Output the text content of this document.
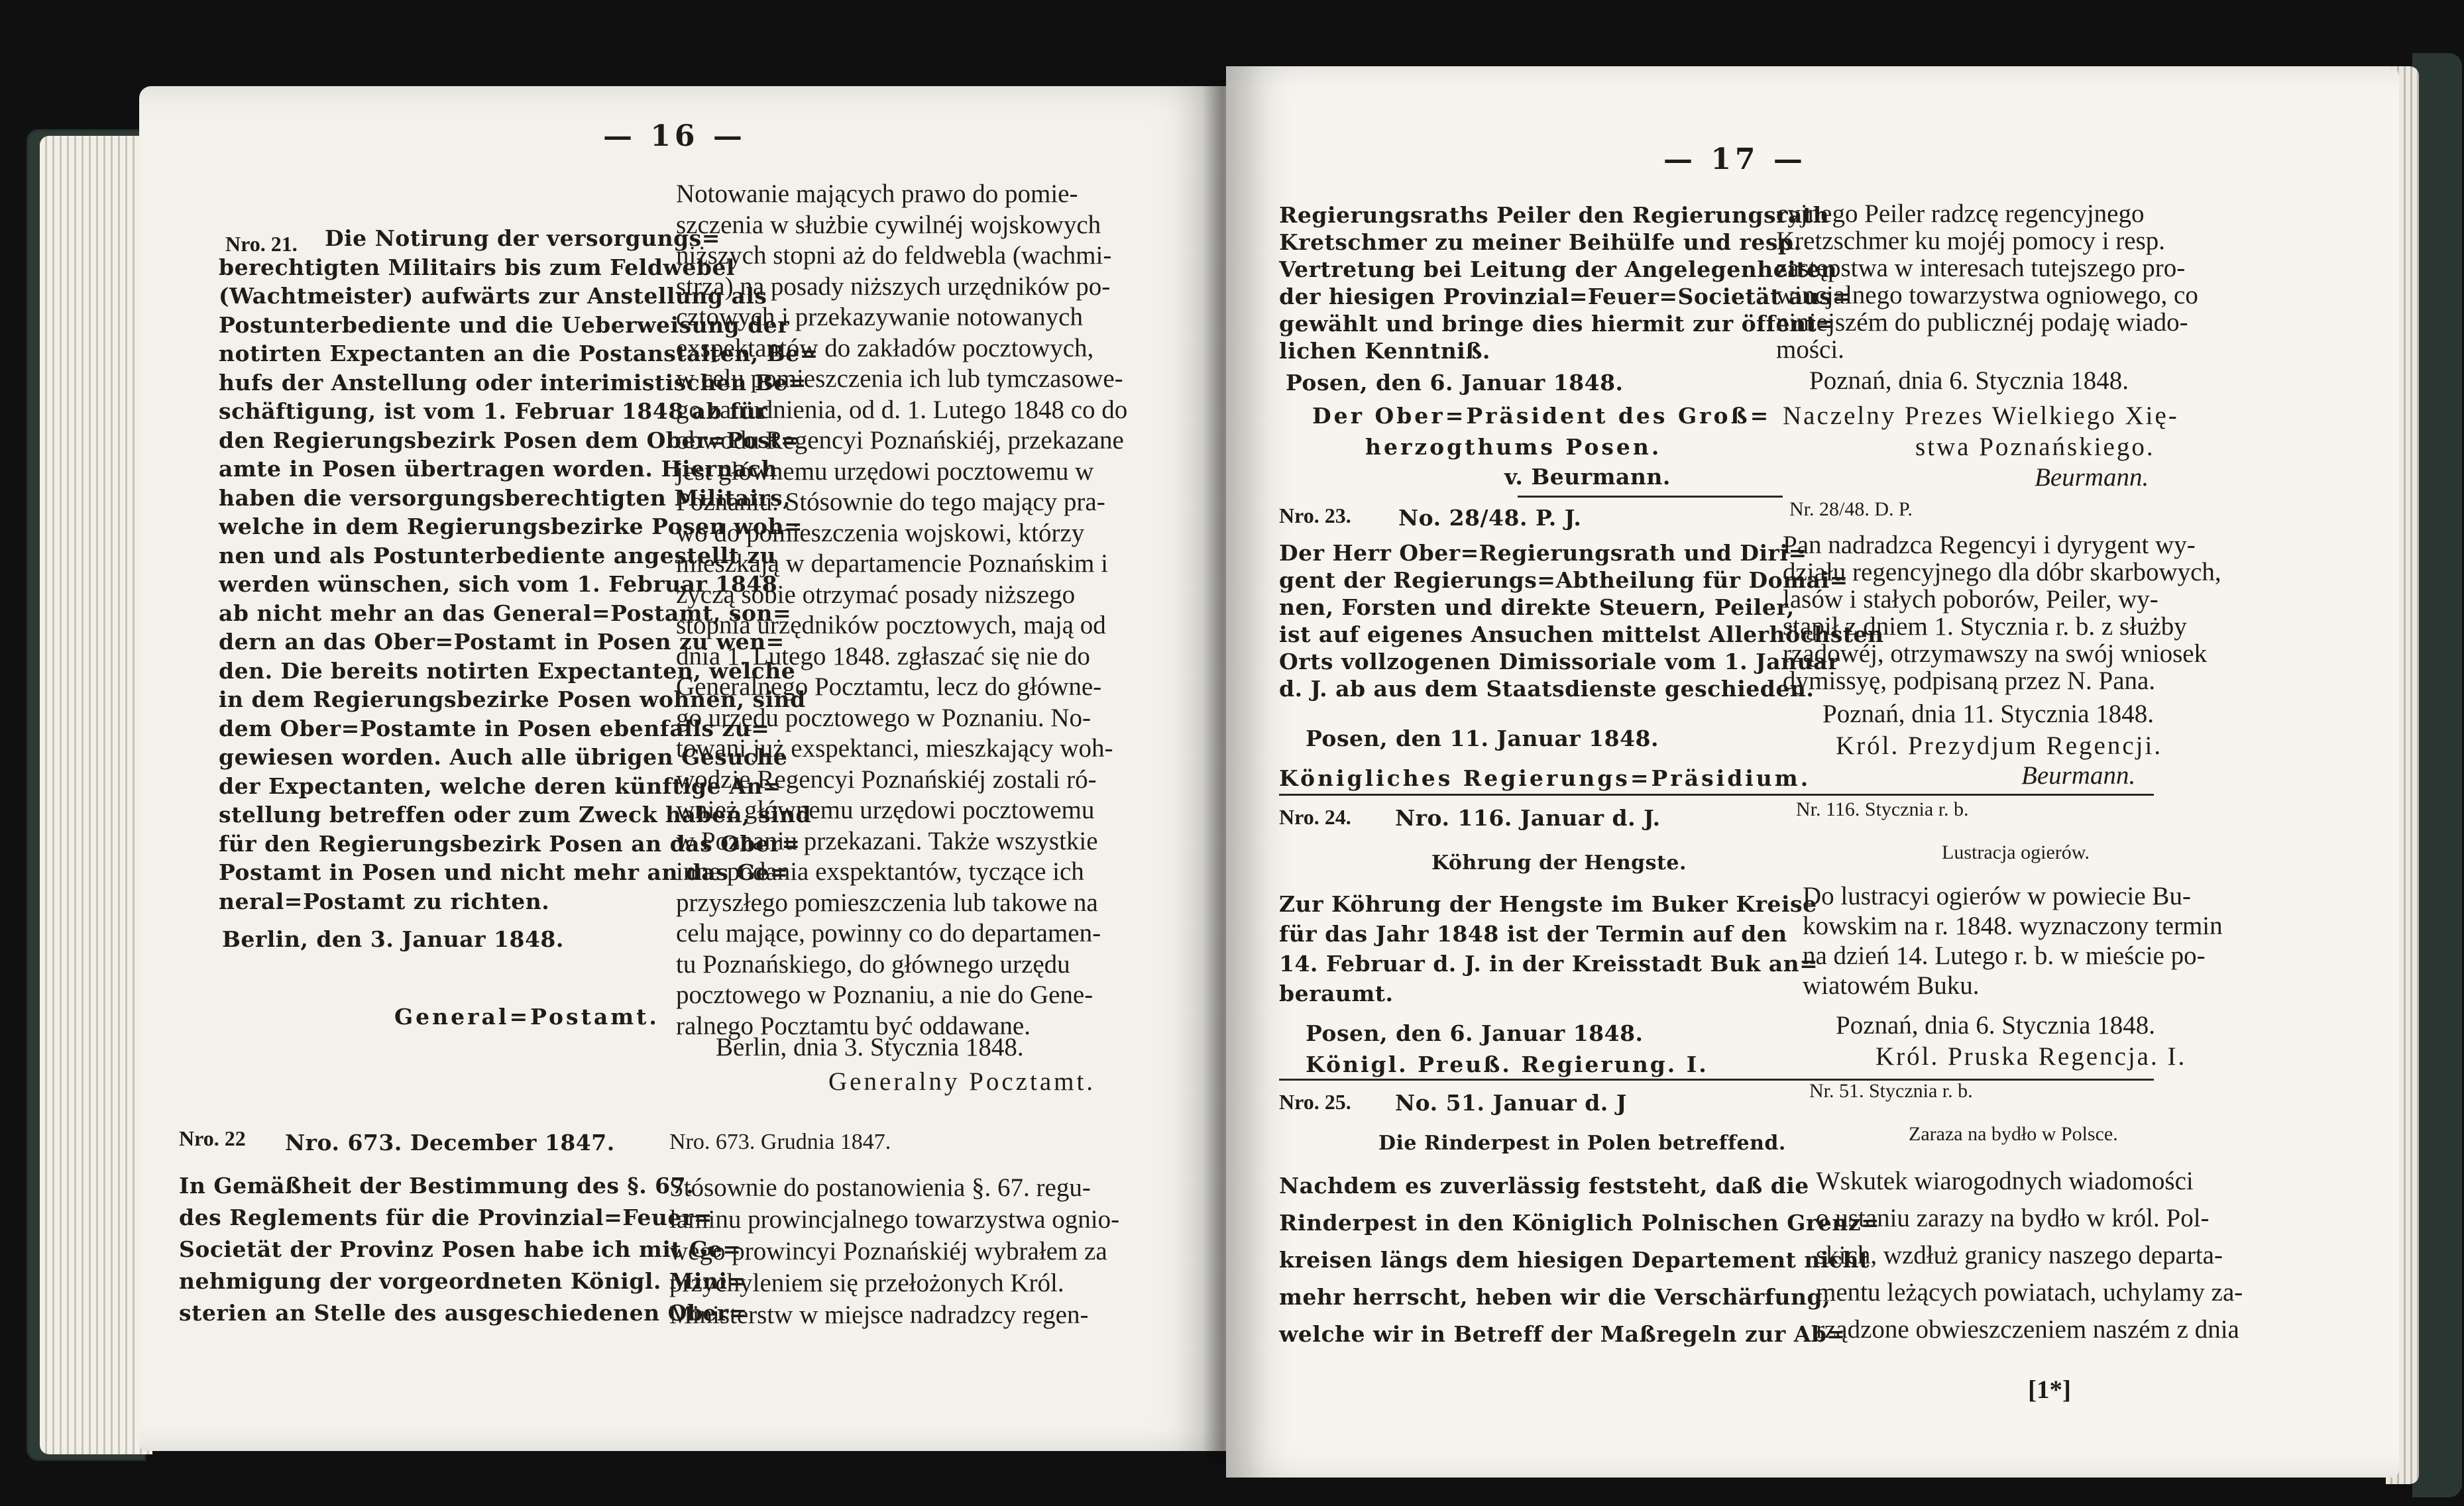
— 16 —
Nro. 21. Die Notirung der versorgungs=
berechtigten Militairs bis zum Feldwebel
(Wachtmeister) aufwärts zur Anstellung als
Postunterbediente und die Ueberweisung der
notirten Expectanten an die Postanstalten, Be=
hufs der Anstellung oder interimistischen Be=
schäftigung, ist vom 1. Februar 1848 ab für
den Regierungsbezirk Posen dem Ober=Post=
amte in Posen übertragen worden. Hiernach
haben die versorgungsberechtigten Militairs,
welche in dem Regierungsbezirke Posen woh=
nen und als Postunterbediente angestellt zu
werden wünschen, sich vom 1. Februar 1848
ab nicht mehr an das General=Postamt, son=
dern an das Ober=Postamt in Posen zu wen=
den. Die bereits notirten Expectanten, welche
in dem Regierungsbezirke Posen wohnen, sind
dem Ober=Postamte in Posen ebenfalls zu=
gewiesen worden. Auch alle übrigen Gesuche
der Expectanten, welche deren künftige An=
stellung betreffen oder zum Zweck haben, sind
für den Regierungsbezirk Posen an das Ober=
Postamt in Posen und nicht mehr an das Ge=
neral=Postamt zu richten.
Berlin, den 3. Januar 1848.
General=Postamt.
Notowanie mających prawo do pomie-
szczenia w służbie cywilnéj wojskowych
niższych stopni aż do feldwebla (wachmi-
strza) na posady niższych urzędników po-
cztowych i przekazywanie notowanych
exspektantów do zakładów pocztowych,
w celu pomieszczenia ich lub tymczasowe-
go zatrudnienia, od d. 1. Lutego 1848 co do
obwodu Regencyi Poznańskiéj, przekazane
jest głównemu urzędowi pocztowemu w
Poznaniu. Stósownie do tego mający pra-
wo do pomieszczenia wojskowi, którzy
mieszkają w departamencie Poznańskim i
życzą sobie otrzymać posady niższego
stopnia urzędników pocztowych, mają od
dnia 1. Lutego 1848. zgłaszać się nie do
Generalnego Pocztamtu, lecz do główne-
go urzędu pocztowego w Poznaniu. No-
towani już exspektanci, mieszkający woh-
wodzie Regencyi Poznańskiéj zostali ró-
wnież głównemu urzędowi pocztowemu
w Poznaniu przekazani. Także wszystkie
inne podania exspektantów, tyczące ich
przyszłego pomieszczenia lub takowe na
celu mające, powinny co do departamen-
tu Poznańskiego, do głównego urzędu
pocztowego w Poznaniu, a nie do Gene-
ralnego Pocztamtu być oddawane.
Berlin, dnia 3. Stycznia 1848.
Generalny Pocztamt.
Nro. 22 Nro. 673. December 1847. Nro. 673. Grudnia 1847.
In Gemäßheit der Bestimmung des §. 67.
des Reglements für die Provinzial=Feuer=
Societät der Provinz Posen habe ich mit Ge=
nehmigung der vorgeordneten Königl. Mini=
sterien an Stelle des ausgeschiedenen Ober=
Stósownie do postanowienia §. 67. regu-
laminu prowincjalnego towarzystwa ognio-
wego prowincyi Poznańskiéj wybrałem za
przychyleniem się przełożonych Król.
Ministerstw w miejsce nadradzcy regen-
— 17 —
Regierungsraths Peiler den Regierungsrath
Kretschmer zu meiner Beihülfe und resp.
Vertretung bei Leitung der Angelegenheiten
der hiesigen Provinzial=Feuer=Societät aus=
gewählt und bringe dies hiermit zur öffent=
lichen Kenntniß.
Posen, den 6. Januar 1848.
Der Ober=Präsident des Groß=
herzogthums Posen.
v. Beurmann.
cyjnego Peiler radzcę regencyjnego
Kretzschmer ku mojéj pomocy i resp.
zastępstwa w interesach tutejszego pro-
wincjalnego towarzystwa ogniowego, co
niniejszém do publicznéj podaję wiado-
mości.
Poznań, dnia 6. Stycznia 1848.
Naczelny Prezes Wielkiego Xię-
stwa Poznańskiego.
Beurmann.
Nro. 23. No. 28/48. P. J.	Nr. 28/48. D. P.
Der Herr Ober=Regierungsrath und Diri=
gent der Regierungs=Abtheilung für Domai=
nen, Forsten und direkte Steuern, Peiler,
ist auf eigenes Ansuchen mittelst Allerhöchsten
Orts vollzogenen Dimissoriale vom 1. Januar
d. J. ab aus dem Staatsdienste geschieden.
Posen, den 11. Januar 1848.
Königliches Regierungs=Präsidium.
Pan nadradzca Regencyi i dyrygent wy-
działu regencyjnego dla dóbr skarbowych,
lasów i stałych poborów, Peiler, wy-
stąpił z dniem 1. Stycznia r. b. z służby
rządowéj, otrzymawszy na swój wniosek
dymissyę, podpisaną przez N. Pana.
Poznań, dnia 11. Stycznia 1848.
Król. Prezydjum Regencji.
Beurmann.
Nro. 24. Nro. 116. Januar d. J.	Nr. 116. Stycznia r. b.
Köhrung der Hengste.	Lustracja ogierów.
Zur Köhrung der Hengste im Buker Kreise
für das Jahr 1848 ist der Termin auf den
14. Februar d. J. in der Kreisstadt Buk an=
beraumt.
Posen, den 6. Januar 1848.
Königl. Preuß. Regierung. I.
Do lustracyi ogierów w powiecie Bu-
kowskim na r. 1848. wyznaczony termin
na dzień 14. Lutego r. b. w mieście po-
wiatowém Buku.
Poznań, dnia 6. Stycznia 1848.
Król. Pruska Regencja. I.
Nro. 25. No. 51. Januar d. J	Nr. 51. Stycznia r. b.
Die Rinderpest in Polen betreffend.	Zaraza na bydło w Polsce.
Nachdem es zuverlässig feststeht, daß die
Rinderpest in den Königlich Polnischen Grenz=
kreisen längs dem hiesigen Departement nicht
mehr herrscht, heben wir die Verschärfung,
welche wir in Betreff der Maßregeln zur Ab=
Wskutek wiarogodnych wiadomości
o ustaniu zarazy na bydło w król. Pol-
skich, wzdłuż granicy naszego departa-
mentu leżących powiatach, uchylamy za-
rządzone obwieszczeniem naszém z dnia
[1*]
